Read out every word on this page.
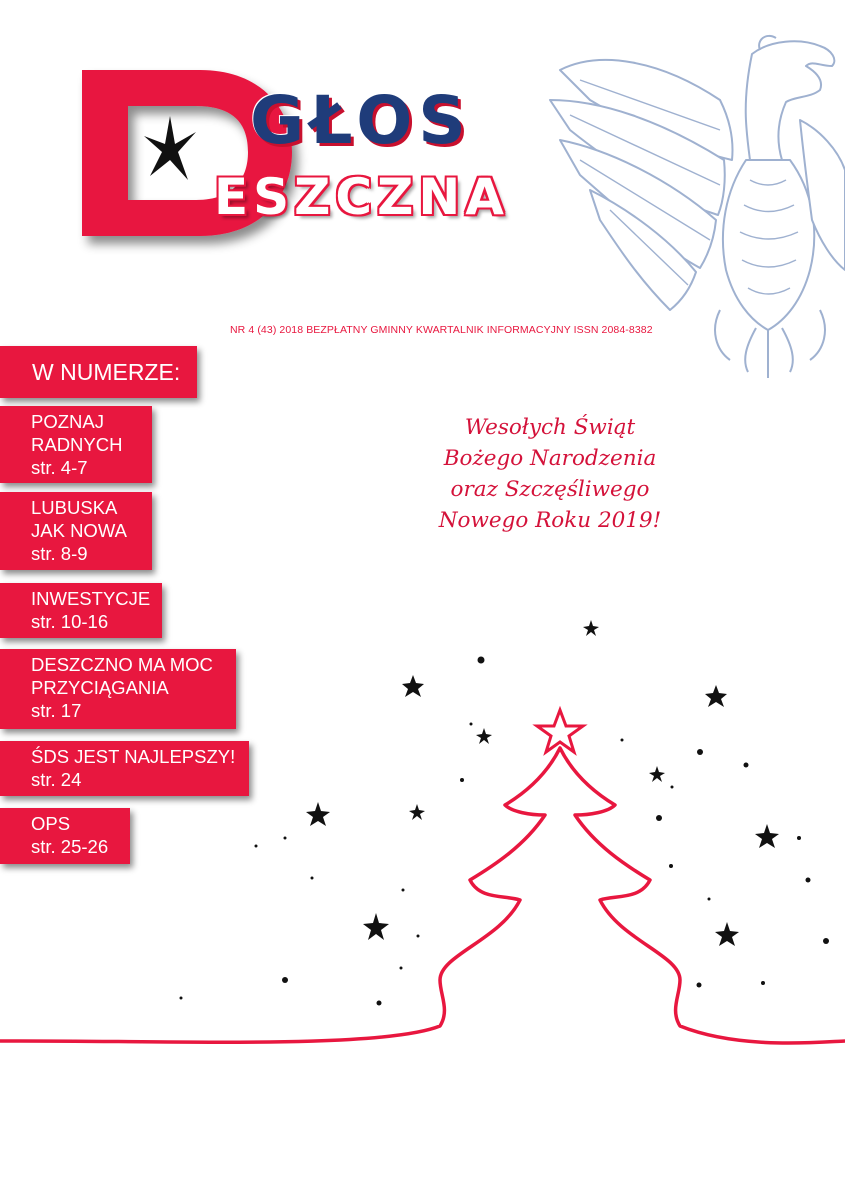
GŁOS
ESZCZNA
NR 4 (43) 2018 BEZPŁATNY GMINNY KWARTALNIK INFORMACYJNY ISSN 2084-8382
W NUMERZE:
POZNAJ
RADNYCH
str. 4-7
LUBUSKA
JAK NOWA
str. 8-9
INWESTYCJE
str. 10-16
DESZCZNO MA MOC
PRZYCIĄGANIA
str. 17
ŚDS JEST NAJLEPSZY!
str. 24
OPS
str. 25-26
Wesołych Świąt
Bożego Narodzenia
oraz Szczęśliwego
Nowego Roku 2019!
